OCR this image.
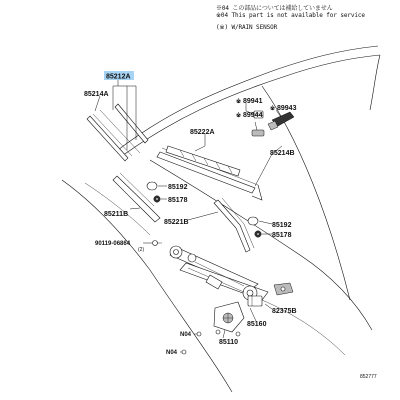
※04 この部品については補給していません
※04 This part is not available for service
(※) W/RAIN SENSOR
85212A
85214A
※ 89941
※ 89943
※ 89944
85222A
85214B
85192
85178
85211B
85221B	85192
85178
90119-06864
(2)
82375B
85160
85110
N04
N04
852777
